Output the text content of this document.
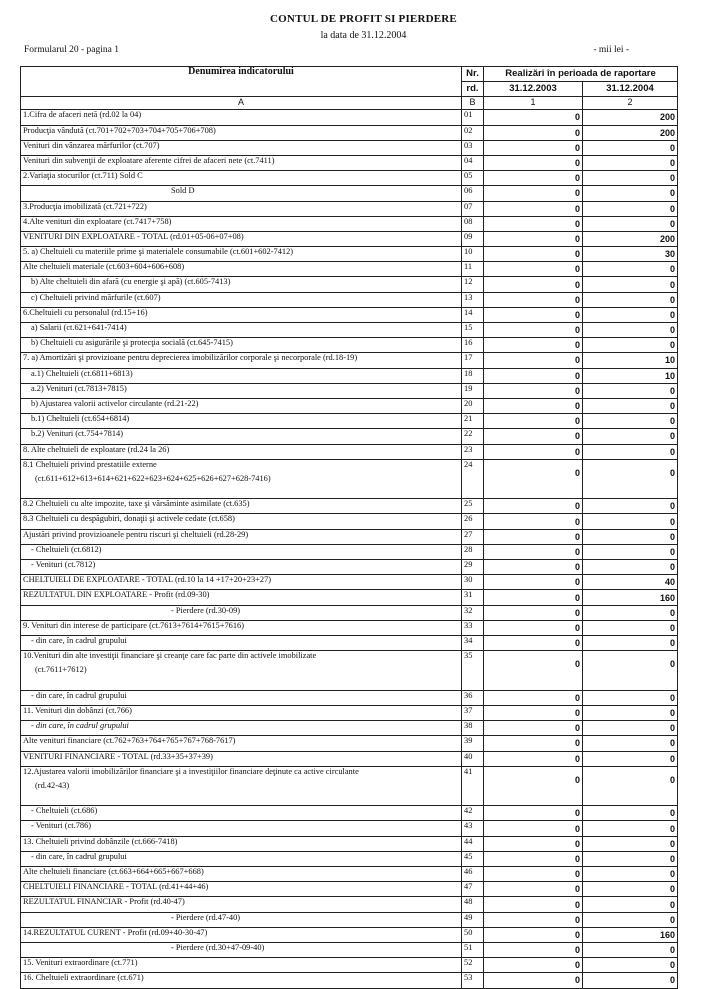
CONTUL DE PROFIT SI PIERDERE
la data de 31.12.2004
Formularul 20 - pagina 1	- mii lei -
Denumirea indicatorului	Nr.	Realizări în perioada de raportare	
	rd.	31.12.2003	31.12.2004
A	B	1	2

1.Cifra de afaceri netă (rd.02 la 04)	01	0	200

Producţia vândută (ct.701+702+703+704+705+706+708)	02	0	200

Venituri din vânzarea mărfurilor (ct.707)	03	0	0

Venituri din subvenţii de exploatare aferente cifrei de afaceri nete (ct.7411)	04	0	0

2.Variaţia stocurilor (ct.711) Sold C	05	0	0

Sold D	06	0	0

3.Producţia imobilizată (ct.721+722)	07	0	0

4.Alte venituri din exploatare (ct.7417+758)	08	0	0

VENITURI DIN EXPLOATARE - TOTAL (rd.01+05-06+07+08)	09	0	200

5. a) Cheltuieli cu materiile prime şi materialele consumabile (ct.601+602-7412)	10	0	30

Alte cheltuieli materiale (ct.603+604+606+608)	11	0	0

b) Alte cheltuieli din afară (cu energie şi apă) (ct.605-7413)	12	0	0

c) Cheltuieli privind mărfurile (ct.607)	13	0	0

6.Cheltuieli cu personalul (rd.15+16)	14	0	0

a) Salarii (ct.621+641-7414)	15	0	0

b) Cheltuieli cu asigurările şi protecţia socială (ct.645-7415)	16	0	0

7. a) Amortizări şi provizioane pentru deprecierea imobilizărilor corporale şi necorporale (rd.18-19)	17	0	10

a.1) Cheltuieli (ct.6811+6813)	18	0	10

a.2) Venituri (ct.7813+7815)	19	0	0

b) Ajustarea valorii activelor circulante (rd.21-22)	20	0	0

b.1) Cheltuieli (ct.654+6814)	21	0	0

b.2) Venituri (ct.754+7814)	22	0	0

8. Alte cheltuieli de exploatare (rd.24 la 26)	23	0	0

8.1 Cheltuieli privind prestatiile externe
(ct.611+612+613+614+621+622+623+624+625+626+627+628-7416)	24	0	0

8.2 Cheltuieli cu alte impozite, taxe şi vărsăminte asimilate (ct.635)	25	0	0

8.3 Cheltuieli cu despăgubiri, donaţii şi activele cedate (ct.658)	26	0	0

Ajustări privind provizioanele pentru riscuri şi cheltuieli (rd.28-29)	27	0	0

- Cheltuieli (ct.6812)	28	0	0

- Venituri (ct.7812)	29	0	0

CHELTUIELI DE EXPLOATARE - TOTAL (rd.10 la 14 +17+20+23+27)	30	0	40

REZULTATUL DIN EXPLOATARE - Profit (rd.09-30)	31	0	160

- Pierdere (rd.30-09)	32	0	0

9. Venituri din interese de participare (ct.7613+7614+7615+7616)	33	0	0

- din care, în cadrul grupului	34	0	0

10.Venituri din alte investiţii financiare şi creanţe care fac parte din activele imobilizate
(ct.7611+7612)	35	0	0

- din care, în cadrul grupului	36	0	0

11. Venituri din dobânzi (ct.766)	37	0	0

- din care, în cadrul grupului	38	0	0

Alte venituri financiare (ct.762+763+764+765+767+768-7617)	39	0	0

VENITURI FINANCIARE - TOTAL (rd.33+35+37+39)	40	0	0

12.Ajustarea valorii imobilizărilor financiare şi a investiţiilor financiare deţinute ca active circulante
(rd.42-43)	41	0	0

- Cheltuieli (ct.686)	42	0	0

- Venituri (ct.786)	43	0	0

13. Cheltuieli privind dobânzile (ct.666-7418)	44	0	0

- din care, în cadrul grupului	45	0	0

Alte cheltuieli financiare (ct.663+664+665+667+668)	46	0	0

CHELTUIELI FINANCIARE - TOTAL (rd.41+44+46)	47	0	0

REZULTATUL FINANCIAR - Profit (rd.40-47)	48	0	0

- Pierdere (rd.47-40)	49	0	0

14.REZULTATUL CURENT - Profit (rd.09+40-30-47)	50	0	160

- Pierdere (rd.30+47-09-40)	51	0	0

15. Venituri extraordinare (ct.771)	52	0	0

16. Cheltuieli extraordinare (ct.671)	53	0	0
